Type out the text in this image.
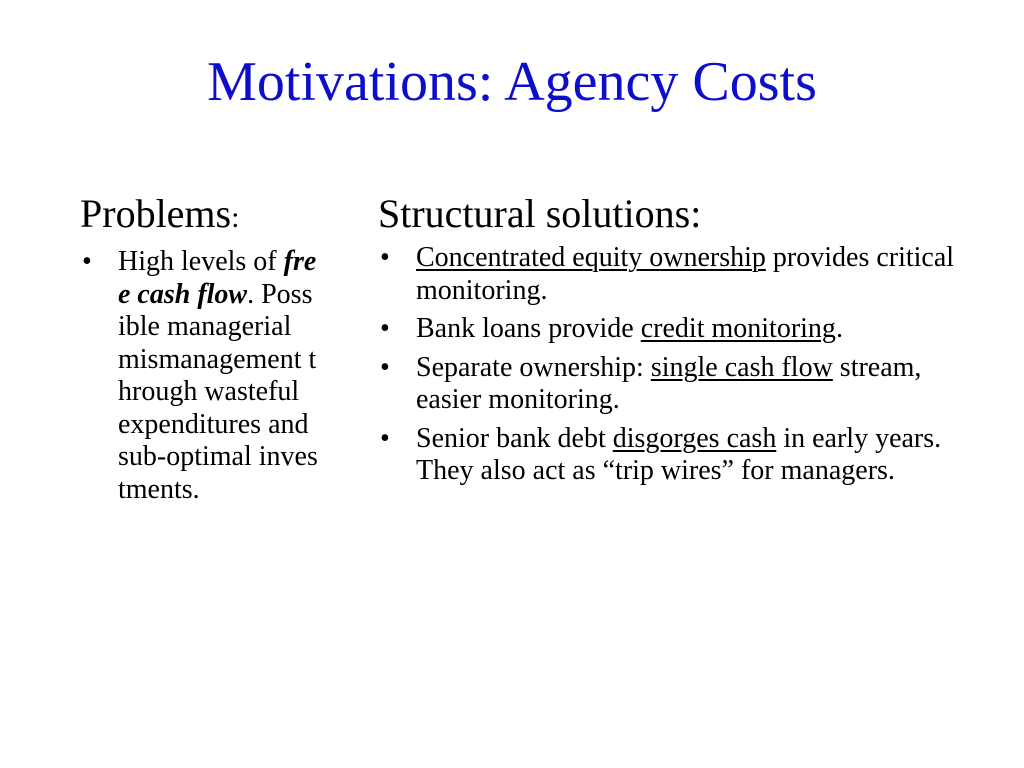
Motivations: Agency Costs
Problems:
• High levels of free cash flow. Possible managerial mismanagement through wasteful expenditures and sub-optimal investments.
Structural solutions:
• Concentrated equity ownership provides critical monitoring.
• Bank loans provide credit monitoring.
• Separate ownership: single cash flow stream, easier monitoring.
• Senior bank debt disgorges cash in early years. They also act as “trip wires” for managers.
